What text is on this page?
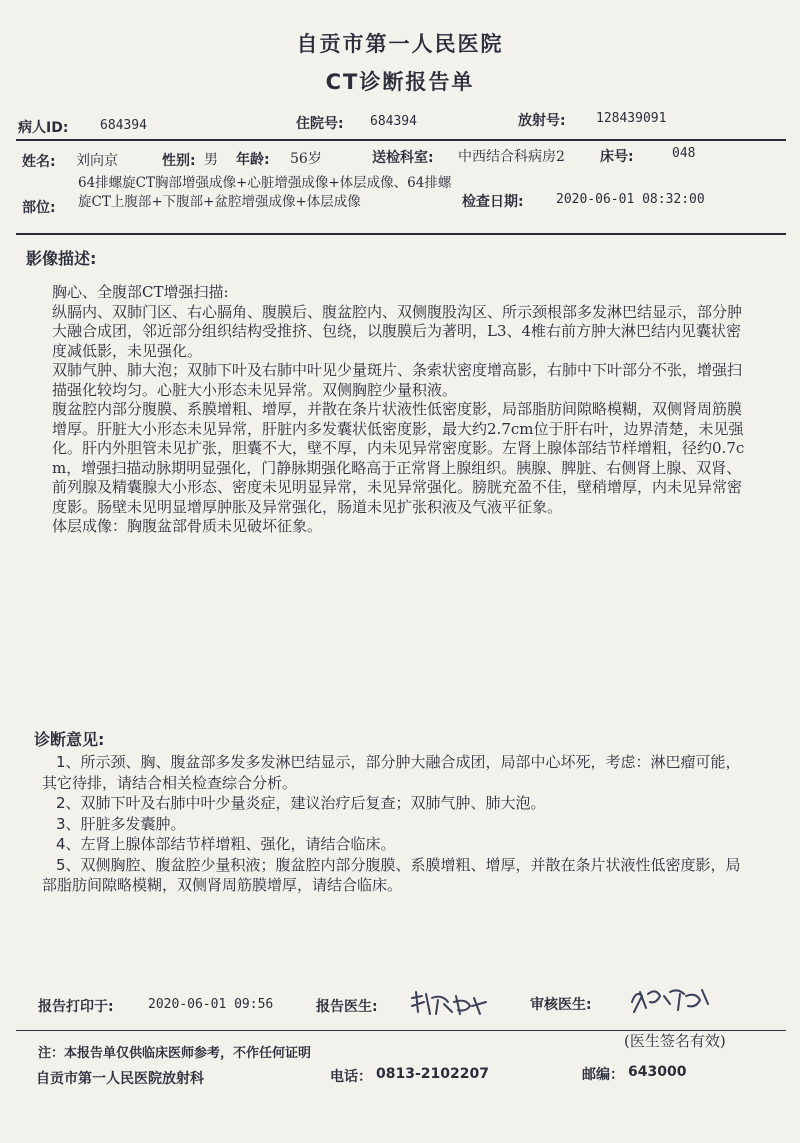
自贡市第一人民医院
CT诊断报告单
病人ID: 684394	住院号: 684394	放射号: 128439091
姓名: 刘向京	性别: 男 年龄: 56岁	送检科室: 中西结合科病房2	床号:	048
部位:
64排螺旋CT胸部增强成像+心脏增强成像+体层成像、64排螺旋CT上腹部+下腹部+盆腔增强成像+体层成像	检查日期: 2020-06-01 08:32:00
影像描述:

胸心、全腹部CT增强扫描:

纵膈内、双肺门区、右心膈角、腹膜后、腹盆腔内、双侧腹股沟区、所示颈根部多发淋巴结显示，部分肿大融合成团，邻近部分组织结构受推挤、包绕，以腹膜后为著明，L3、4椎右前方肿大淋巴结内见囊状密度减低影，未见强化。

双肺气肿、肺大泡；双肺下叶及右肺中叶见少量斑片、条索状密度增高影，右肺中下叶部分不张，增强扫描强化较均匀。心脏大小形态未见异常。双侧胸腔少量积液。

腹盆腔内部分腹膜、系膜增粗、增厚，并散在条片状液性低密度影，局部脂肪间隙略模糊，双侧肾周筋膜增厚。肝脏大小形态未见异常，肝脏内多发囊状低密度影，最大约2.7cm位于肝右叶，边界清楚，未见强化。肝内外胆管未见扩张，胆囊不大，壁不厚，内未见异常密度影。左肾上腺体部结节样增粗，径约0.7cm，增强扫描动脉期明显强化，门静脉期强化略高于正常肾上腺组织。胰腺、脾脏、右侧肾上腺、双肾、前列腺及精囊腺大小形态、密度未见明显异常，未见异常强化。膀胱充盈不佳，壁稍增厚，内未见异常密度影。肠壁未见明显增厚肿胀及异常强化，肠道未见扩张积液及气液平征象。

体层成像：胸腹盆部骨质未见破坏征象。

诊断意见:

1、所示颈、胸、腹盆部多发多发淋巴结显示，部分肿大融合成团，局部中心坏死，考虑：淋巴瘤可能，其它待排，请结合相关检查综合分析。

2、双肺下叶及右肺中叶少量炎症，建议治疗后复查；双肺气肿、肺大泡。

3、肝脏多发囊肿。

4、左肾上腺体部结节样增粗、强化，请结合临床。

5、双侧胸腔、腹盆腔少量积液；腹盆腔内部分腹膜、系膜增粗、增厚，并散在条片状液性低密度影，局部脂肪间隙略模糊，双侧肾周筋膜增厚，请结合临床。

报告打印于:	2020-06-01 09:56	报告医生:	审核医生:
注：本报告单仅供临床医师参考，不作任何证明
(医生签名有效)
自贡市第一人民医院放射科	电话： 0813-2102207	邮编： 643000
